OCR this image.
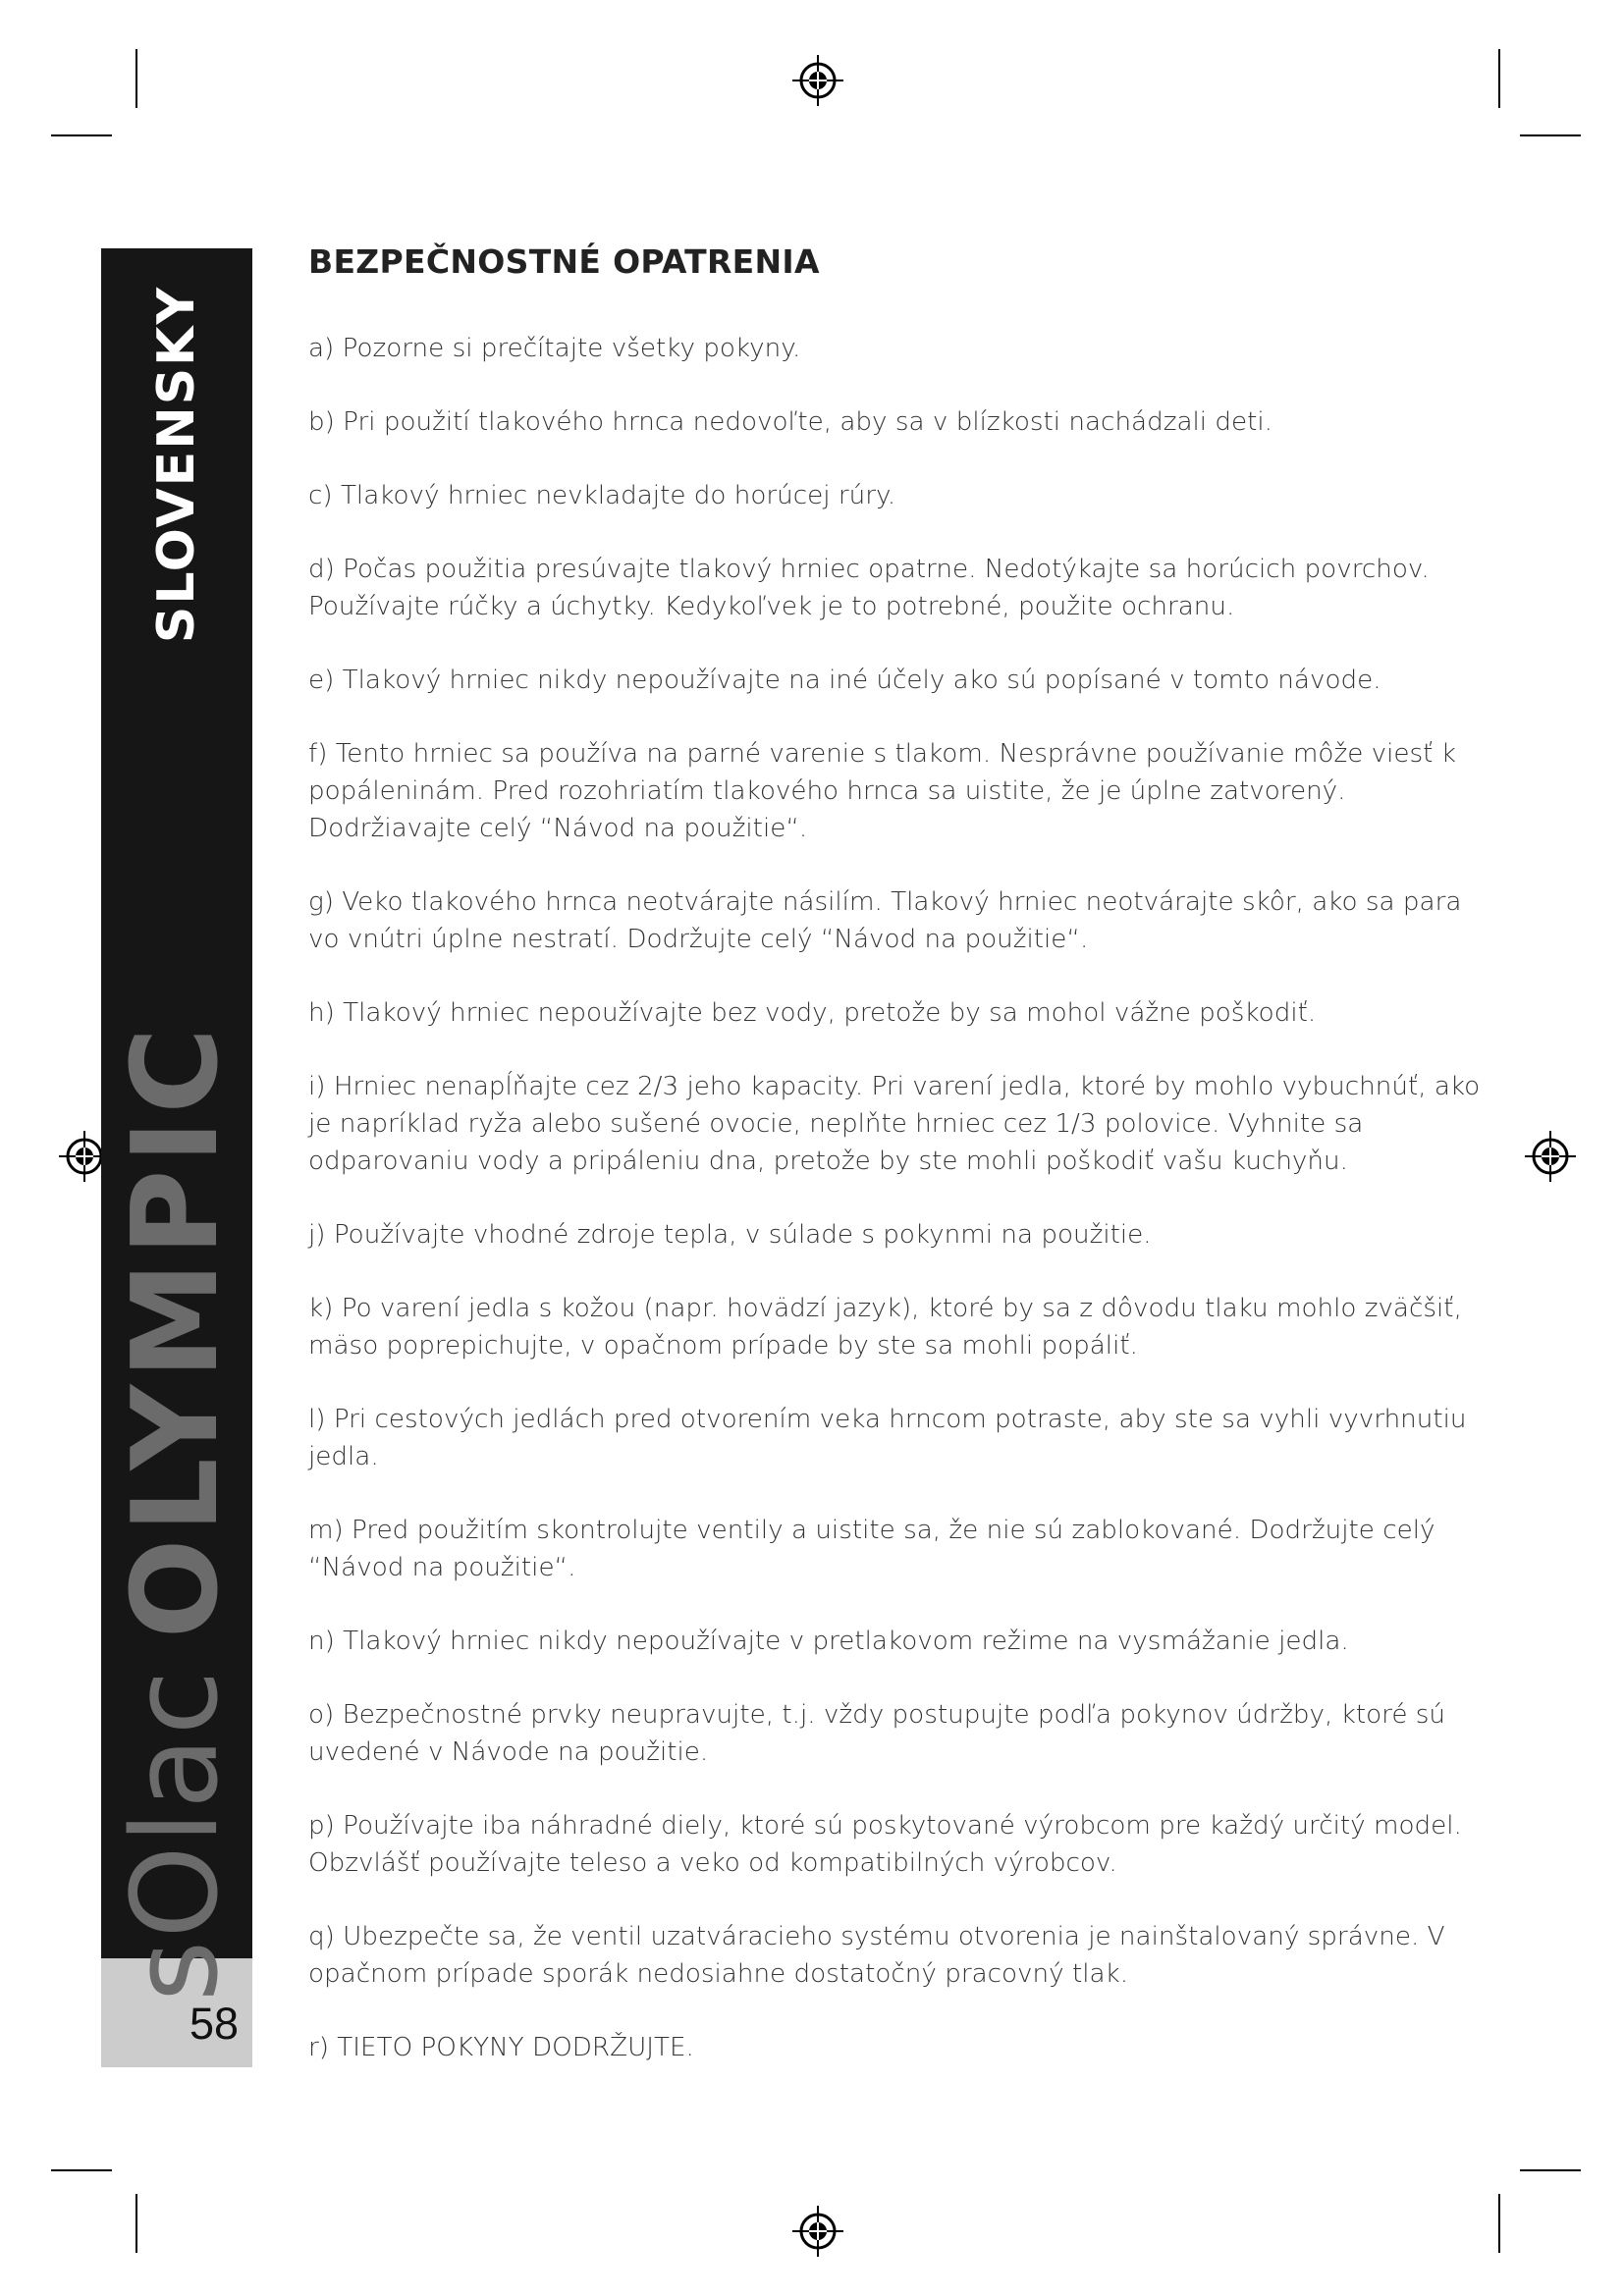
SLOVENSKY
sOlacOLYMPIC
58
BEZPEČNOSTNÉ OPATRENIA
a) Pozorne si prečítajte všetky pokyny.
b) Pri použití tlakového hrnca nedovoľte, aby sa v blízkosti nachádzali deti.
c) Tlakový hrniec nevkladajte do horúcej rúry.
d) Počas použitia presúvajte tlakový hrniec opatrne. Nedotýkajte sa horúcich povrchov. Používajte rúčky a úchytky. Kedykoľvek je to potrebné, použite ochranu.
e) Tlakový hrniec nikdy nepoužívajte na iné účely ako sú popísané v tomto návode.
f) Tento hrniec sa používa na parné varenie s tlakom. Nesprávne používanie môže viesť k popáleninám. Pred rozohriatím tlakového hrnca sa uistite, že je úplne zatvorený. Dodržiavajte celý “Návod na použitie“.
g) Veko tlakového hrnca neotvárajte násilím. Tlakový hrniec neotvárajte skôr, ako sa para vo vnútri úplne nestratí. Dodržujte celý “Návod na použitie“.
h) Tlakový hrniec nepoužívajte bez vody, pretože by sa mohol vážne poškodiť.
i) Hrniec nenapĺňajte cez 2/3 jeho kapacity. Pri varení jedla, ktoré by mohlo vybuchnúť, ako je napríklad ryža alebo sušené ovocie, neplňte hrniec cez 1/3 polovice. Vyhnite sa odparovaniu vody a pripáleniu dna, pretože by ste mohli poškodiť vašu kuchyňu.
j) Používajte vhodné zdroje tepla, v súlade s pokynmi na použitie.
k) Po varení jedla s kožou (napr. hovädzí jazyk), ktoré by sa z dôvodu tlaku mohlo zväčšiť, mäso poprepichujte, v opačnom prípade by ste sa mohli popáliť.
l) Pri cestových jedlách pred otvorením veka hrncom potraste, aby ste sa vyhli vyvrhnutiu jedla.
m) Pred použitím skontrolujte ventily a uistite sa, že nie sú zablokované. Dodržujte celý “Návod na použitie“.
n) Tlakový hrniec nikdy nepoužívajte v pretlakovom režime na vysmážanie jedla.
o) Bezpečnostné prvky neupravujte, t.j. vždy postupujte podľa pokynov údržby, ktoré sú uvedené v Návode na použitie.
p) Používajte iba náhradné diely, ktoré sú poskytované výrobcom pre každý určitý model. Obzvlášť používajte teleso a veko od kompatibilných výrobcov.
q) Ubezpečte sa, že ventil uzatváracieho systému otvorenia je nainštalovaný správne. V opačnom prípade sporák nedosiahne dostatočný pracovný tlak.
r) TIETO POKYNY DODRŽUJTE.
